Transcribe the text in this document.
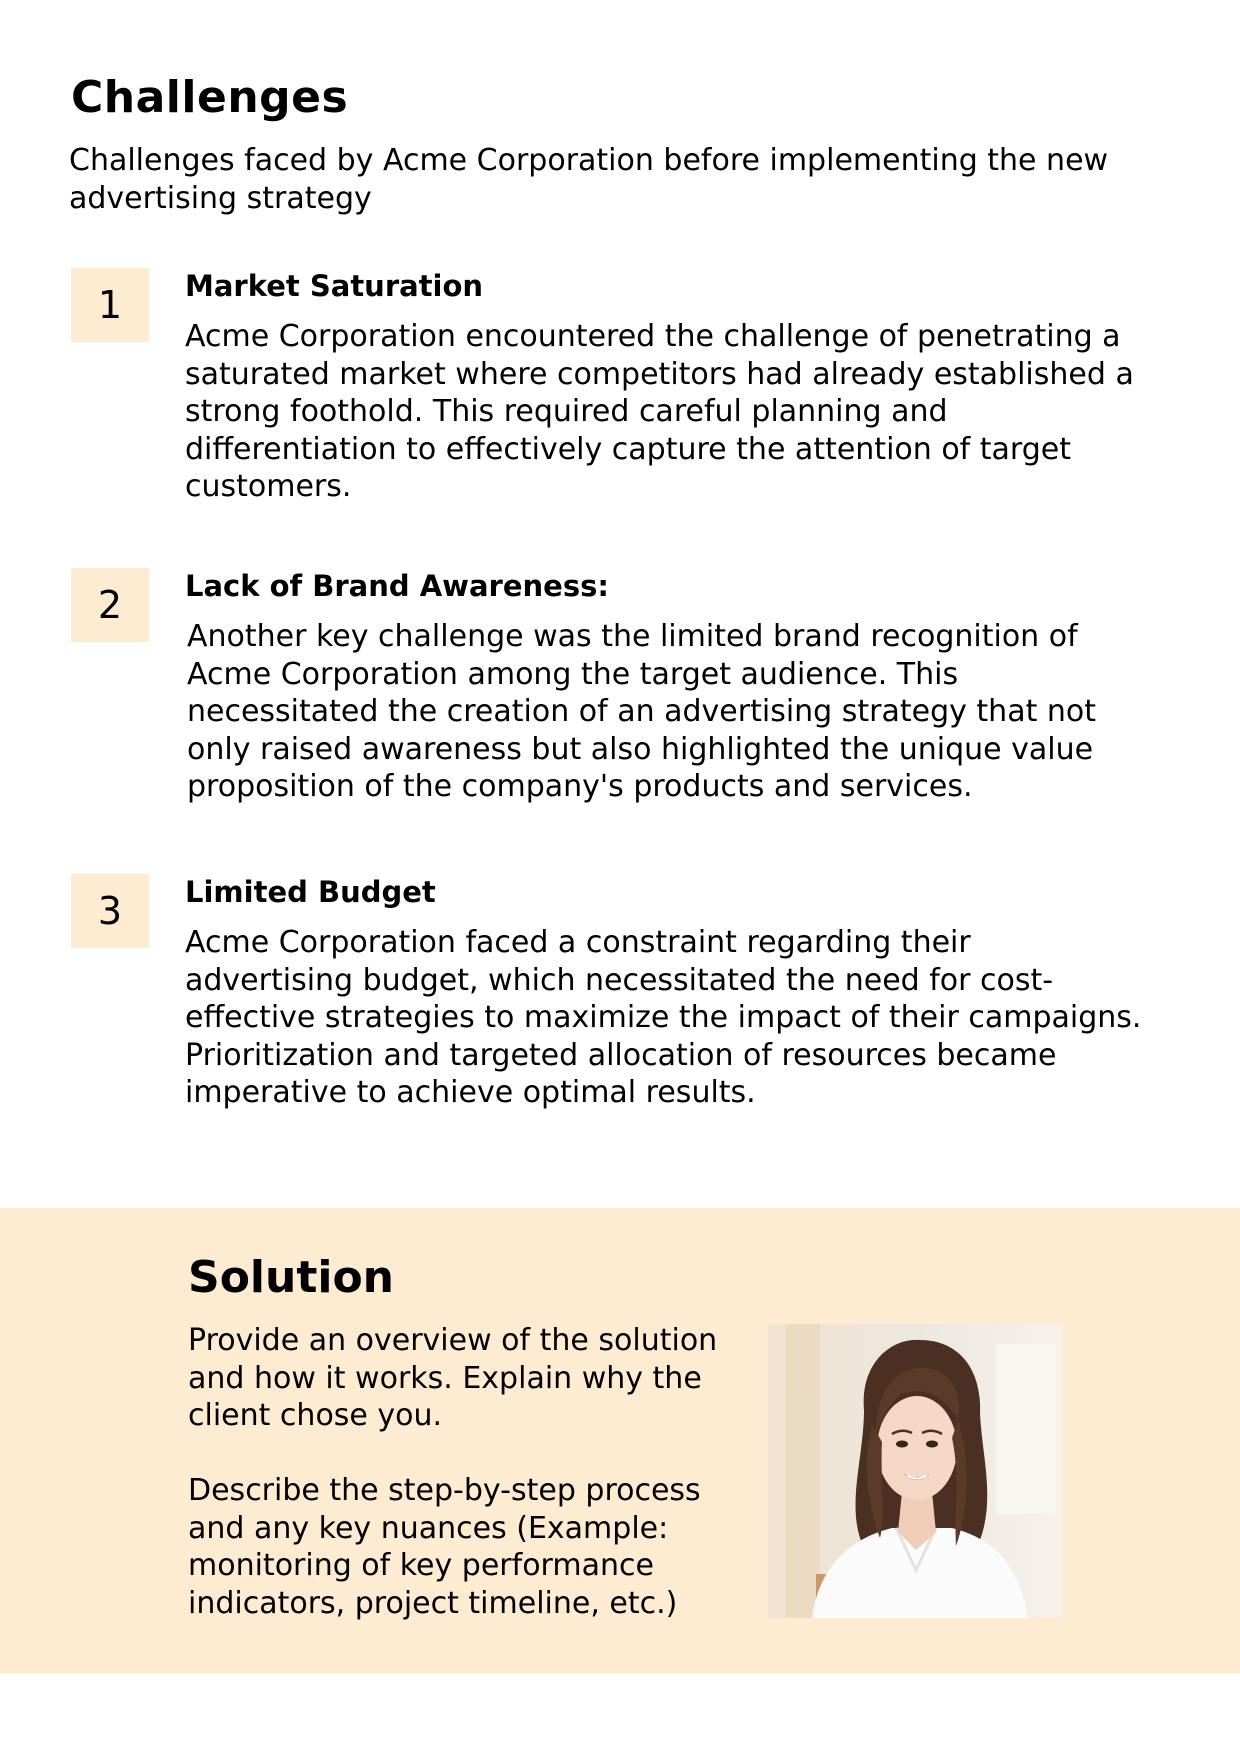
Challenges

Challenges faced by Acme Corporation before implementing the new advertising strategy

1 Market Saturation

Acme Corporation encountered the challenge of penetrating a saturated market where competitors had already established a strong foothold. This required careful planning and differentiation to effectively capture the attention of target customers.

2 Lack of Brand Awareness:

Another key challenge was the limited brand recognition of Acme Corporation among the target audience. This necessitated the creation of an advertising strategy that not only raised awareness but also highlighted the unique value proposition of the company's products and services.

3 Limited Budget

Acme Corporation faced a constraint regarding their advertising budget, which necessitated the need for cost-effective strategies to maximize the impact of their campaigns. Prioritization and targeted allocation of resources became imperative to achieve optimal results.

Solution

Provide an overview of the solution and how it works. Explain why the client chose you.

Describe the step-by-step process and any key nuances (Example: monitoring of key performance indicators, project timeline, etc.)
